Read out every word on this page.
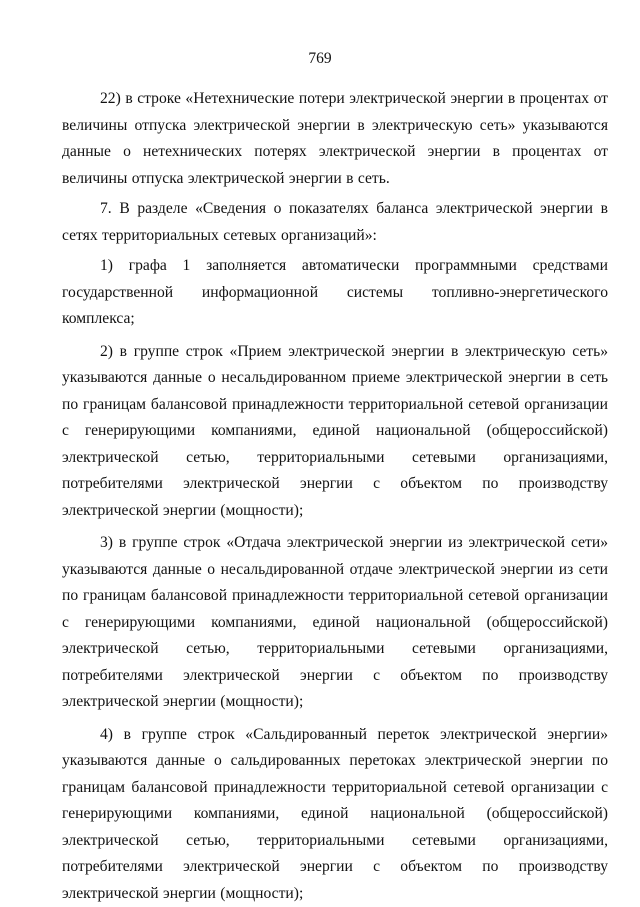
769

22) в строке «Нетехнические потери электрической энергии в процентах от величины отпуска электрической энергии в электрическую сеть» указываются данные о нетехнических потерях электрической энергии в процентах от величины отпуска электрической энергии в сеть.

7. В разделе «Сведения о показателях баланса электрической энергии в сетях территориальных сетевых организаций»:

1) графа 1 заполняется автоматически программными средствами государственной информационной системы топливно-энергетического комплекса;

2) в группе строк «Прием электрической энергии в электрическую сеть» указываются данные о несальдированном приеме электрической энергии в сеть по границам балансовой принадлежности территориальной сетевой организации с генерирующими компаниями, единой национальной (общероссийской) электрической сетью, территориальными сетевыми организациями, потребителями электрической энергии с объектом по производству электрической энергии (мощности);

3) в группе строк «Отдача электрической энергии из электрической сети» указываются данные о несальдированной отдаче электрической энергии из сети по границам балансовой принадлежности территориальной сетевой организации с генерирующими компаниями, единой национальной (общероссийской) электрической сетью, территориальными сетевыми организациями, потребителями электрической энергии с объектом по производству электрической энергии (мощности);

4) в группе строк «Сальдированный переток электрической энергии» указываются данные о сальдированных перетоках электрической энергии по границам балансовой принадлежности территориальной сетевой организации с генерирующими компаниями, единой национальной (общероссийской) электрической сетью, территориальными сетевыми организациями, потребителями электрической энергии с объектом по производству электрической энергии (мощности);
